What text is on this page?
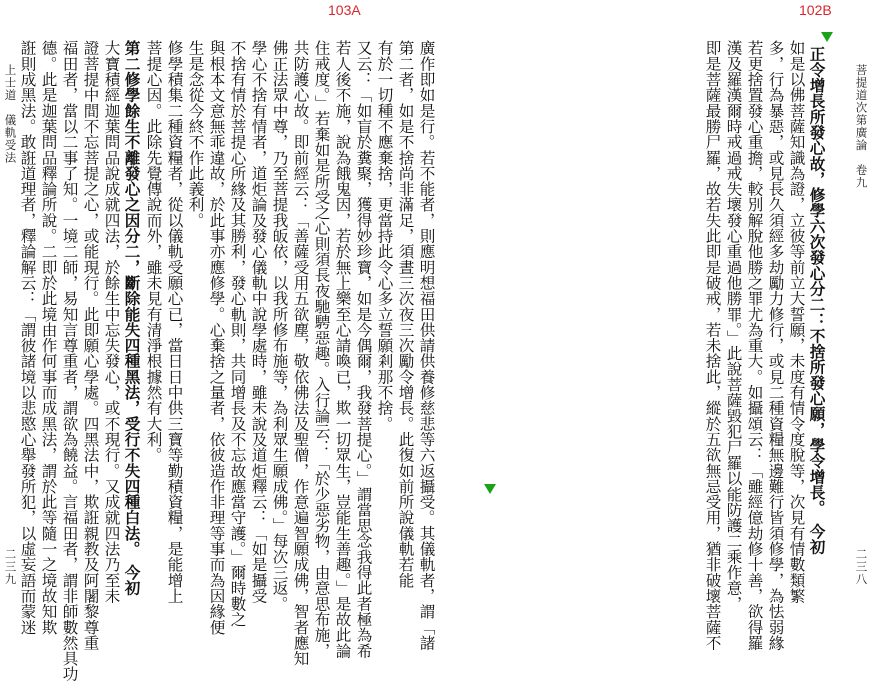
上士道　儀軌受法
二三九
103A
廣作即如是行。若不能者，則應明想福田供請供養修慈悲等六返攝受。其儀軌者，謂「諸
第二者，如是不捨尚非滿足，須晝三次夜三次勵令增長。此復如前所說儀軌若能
有於一切種不應棄捨，更當持此令心多立誓願剎那不捨。
又云：「如盲於糞聚，獲得妙珍寶，如是今偶爾，我發菩提心。」謂當思念我得此者極為希
若人後不施，說為餓鬼因，若於無上樂至心請喚已，欺一切眾生，豈能生善趣。」是故此論
住戒度。」若棄如是所受之心則須長夜馳騁惡趣。入行論云：「於少惡劣物，由意思布施，
共防護心故。即前經云：「善薩受用五欲塵，敬依佛法及聖僧，作意遍智願成佛，智者應知
佛正法眾中尊，乃至菩提我皈依，以我所修布施等，為利眾生願成佛。」每次三返。
學心不捨有情者，道炬論及發心儀軌中說學處時，雖未說及道炬釋云：「如是攝受
不捨有情於菩提心所緣及其勝利，發心軌則，共同增長及不忘故應當守護。」爾時數之
與根本文意無乖違故，於此事亦應修學。心棄捨之量者，依彼造作非理等事而為因緣便
生是念從今終不作此義利。
修學積集二種資糧者，從以儀軌受願心已，當日日中供三寶等勤積資糧，是能增上
菩提心因。此除先覺傳說而外，雖未見有清淨根據然有大利。
第二修學餘生不離發心之因分二，斷除能失四種黑法，受行不失四種白法。　今初
大寶積經迦葉問品說成就四法，於餘生中忘失發心，或不現行。又成就四法乃至未
證菩提中間不忘菩提之心，或能現行。此即願心學處。四黑法中，欺誑親教及阿闍黎尊重
福田者，當以二事了知。一境二師，易知言尊重者，謂欲為饒益。言福田者，謂非師數然具功
德。此是迦葉問品釋論所說。二即於此境由作何事而成黑法，謂於此等隨一之境故知欺
誑則成黑法。敢誑道理者，釋論解云：「謂彼諸境以悲愍心舉發所犯，以虛妄語而蒙迷	菩提道次第廣論　卷九
二三八
102B
正令增長所發心故，修學六次發心分二：不捨所發心願，學令增長。　今初
如是以佛菩薩知識為證，立彼等前立大誓願，未度有情令度脫等，次見有情數類繁
多，行為暴惡，或見長久須經多劫勵力修行，或見二種資糧無邊難行皆須修學，為怯弱緣
若更捨置發心重擔，較別解脫他勝之罪尤為重大。如攝頌云：「雖經億劫修十善，欲得羅
漢及羅漢爾時戒過戒失壞發心重過他勝罪。」此說菩薩毀犯尸羅以能防護二乘作意，
即是菩薩最勝尸羅，故若失此即是破戒，若未捨此，縱於五欲無忌受用，猶非破壞菩薩不
